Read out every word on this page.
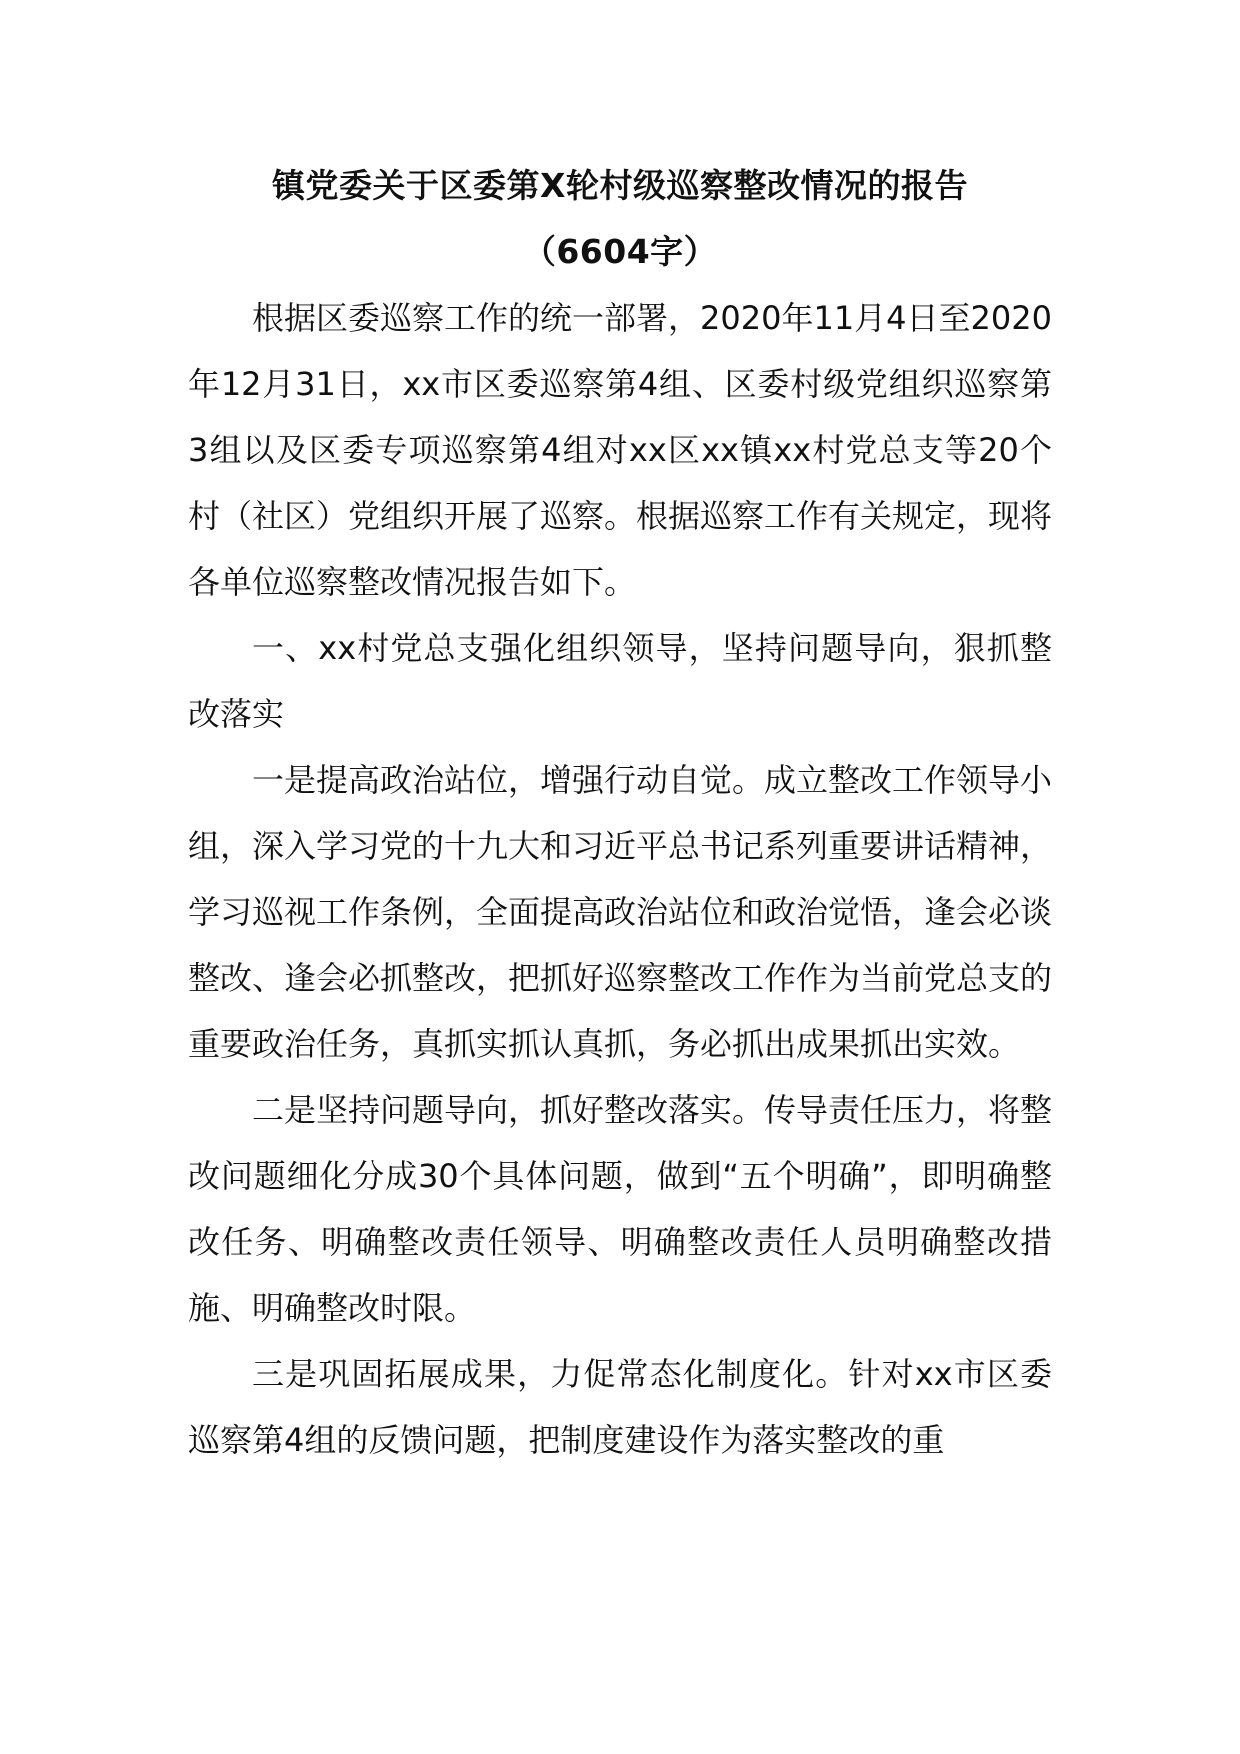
镇党委关于区委第X轮村级巡察整改情况的报告
（6604字）

根据区委巡察工作的统一部署，2020年11月4日至2020年12月31日，xx市区委巡察第4组、区委村级党组织巡察第3组以及区委专项巡察第4组对xx区xx镇xx村党总支等20个村（社区）党组织开展了巡察。根据巡察工作有关规定，现将各单位巡察整改情况报告如下。

一、xx村党总支强化组织领导，坚持问题导向，狠抓整改落实

一是提高政治站位，增强行动自觉。成立整改工作领导小组，深入学习党的十九大和习近平总书记系列重要讲话精神，学习巡视工作条例，全面提高政治站位和政治觉悟，逢会必谈整改、逢会必抓整改，把抓好巡察整改工作作为当前党总支的重要政治任务，真抓实抓认真抓，务必抓出成果抓出实效。

二是坚持问题导向，抓好整改落实。传导责任压力，将整改问题细化分成30个具体问题，做到“五个明确”，即明确整改任务、明确整改责任领导、明确整改责任人员明确整改措施、明确整改时限。

三是巩固拓展成果，力促常态化制度化。针对xx市区委巡察第4组的反馈问题，把制度建设作为落实整改的重
